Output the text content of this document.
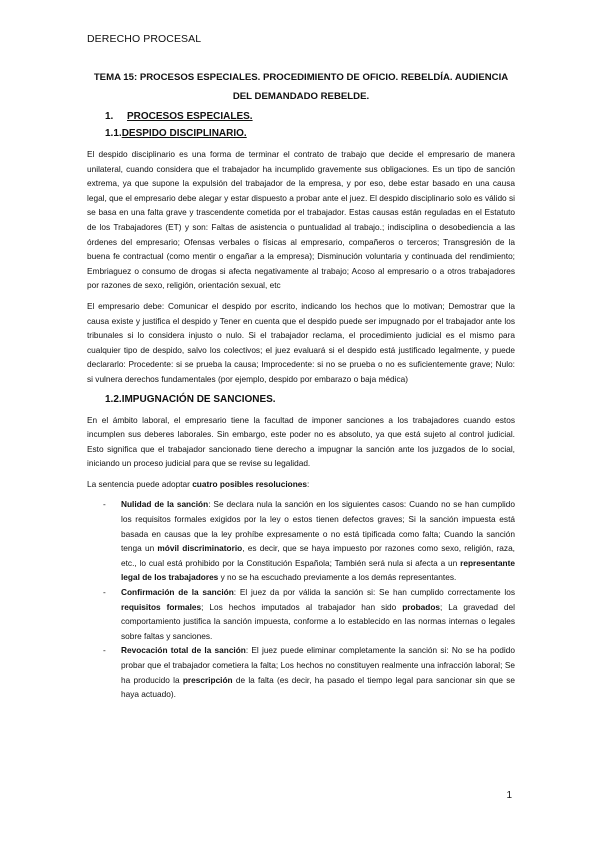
DERECHO PROCESAL
TEMA 15: PROCESOS ESPECIALES. PROCEDIMIENTO DE OFICIO. REBELDÍA. AUDIENCIA DEL DEMANDADO REBELDE.
1. PROCESOS ESPECIALES.
1.1.DESPIDO DISCIPLINARIO.

El despido disciplinario es una forma de terminar el contrato de trabajo que decide el empresario de manera unilateral, cuando considera que el trabajador ha incumplido gravemente sus obligaciones. Es un tipo de sanción extrema, ya que supone la expulsión del trabajador de la empresa, y por eso, debe estar basado en una causa legal, que el empresario debe alegar y estar dispuesto a probar ante el juez. El despido disciplinario solo es válido si se basa en una falta grave y trascendente cometida por el trabajador. Estas causas están reguladas en el Estatuto de los Trabajadores (ET) y son: Faltas de asistencia o puntualidad al trabajo.; indisciplina o desobediencia a las órdenes del empresario; Ofensas verbales o físicas al empresario, compañeros o terceros; Transgresión de la buena fe contractual (como mentir o engañar a la empresa); Disminución voluntaria y continuada del rendimiento; Embriaguez o consumo de drogas si afecta negativamente al trabajo; Acoso al empresario o a otros trabajadores por razones de sexo, religión, orientación sexual, etc

El empresario debe: Comunicar el despido por escrito, indicando los hechos que lo motivan; Demostrar que la causa existe y justifica el despido y Tener en cuenta que el despido puede ser impugnado por el trabajador ante los tribunales si lo considera injusto o nulo. Si el trabajador reclama, el procedimiento judicial es el mismo para cualquier tipo de despido, salvo los colectivos; el juez evaluará si el despido está justificado legalmente, y puede declararlo: Procedente: si se prueba la causa; Improcedente: si no se prueba o no es suficientemente grave; Nulo: si vulnera derechos fundamentales (por ejemplo, despido por embarazo o baja médica)

1.2.IMPUGNACIÓN DE SANCIONES.

En el ámbito laboral, el empresario tiene la facultad de imponer sanciones a los trabajadores cuando estos incumplen sus deberes laborales. Sin embargo, este poder no es absoluto, ya que está sujeto al control judicial. Esto significa que el trabajador sancionado tiene derecho a impugnar la sanción ante los juzgados de lo social, iniciando un proceso judicial para que se revise su legalidad.

La sentencia puede adoptar cuatro posibles resoluciones:

- Nulidad de la sanción: Se declara nula la sanción en los siguientes casos: Cuando no se han cumplido los requisitos formales exigidos por la ley o estos tienen defectos graves; Si la sanción impuesta está basada en causas que la ley prohíbe expresamente o no está tipificada como falta; Cuando la sanción tenga un móvil discriminatorio, es decir, que se haya impuesto por razones como sexo, religión, raza, etc., lo cual está prohibido por la Constitución Española; También será nula si afecta a un representante legal de los trabajadores y no se ha escuchado previamente a los demás representantes.
- Confirmación de la sanción: El juez da por válida la sanción si: Se han cumplido correctamente los requisitos formales; Los hechos imputados al trabajador han sido probados; La gravedad del comportamiento justifica la sanción impuesta, conforme a lo establecido en las normas internas o legales sobre faltas y sanciones.
- Revocación total de la sanción: El juez puede eliminar completamente la sanción si: No se ha podido probar que el trabajador cometiera la falta; Los hechos no constituyen realmente una infracción laboral; Se ha producido la prescripción de la falta (es decir, ha pasado el tiempo legal para sancionar sin que se haya actuado).
1
